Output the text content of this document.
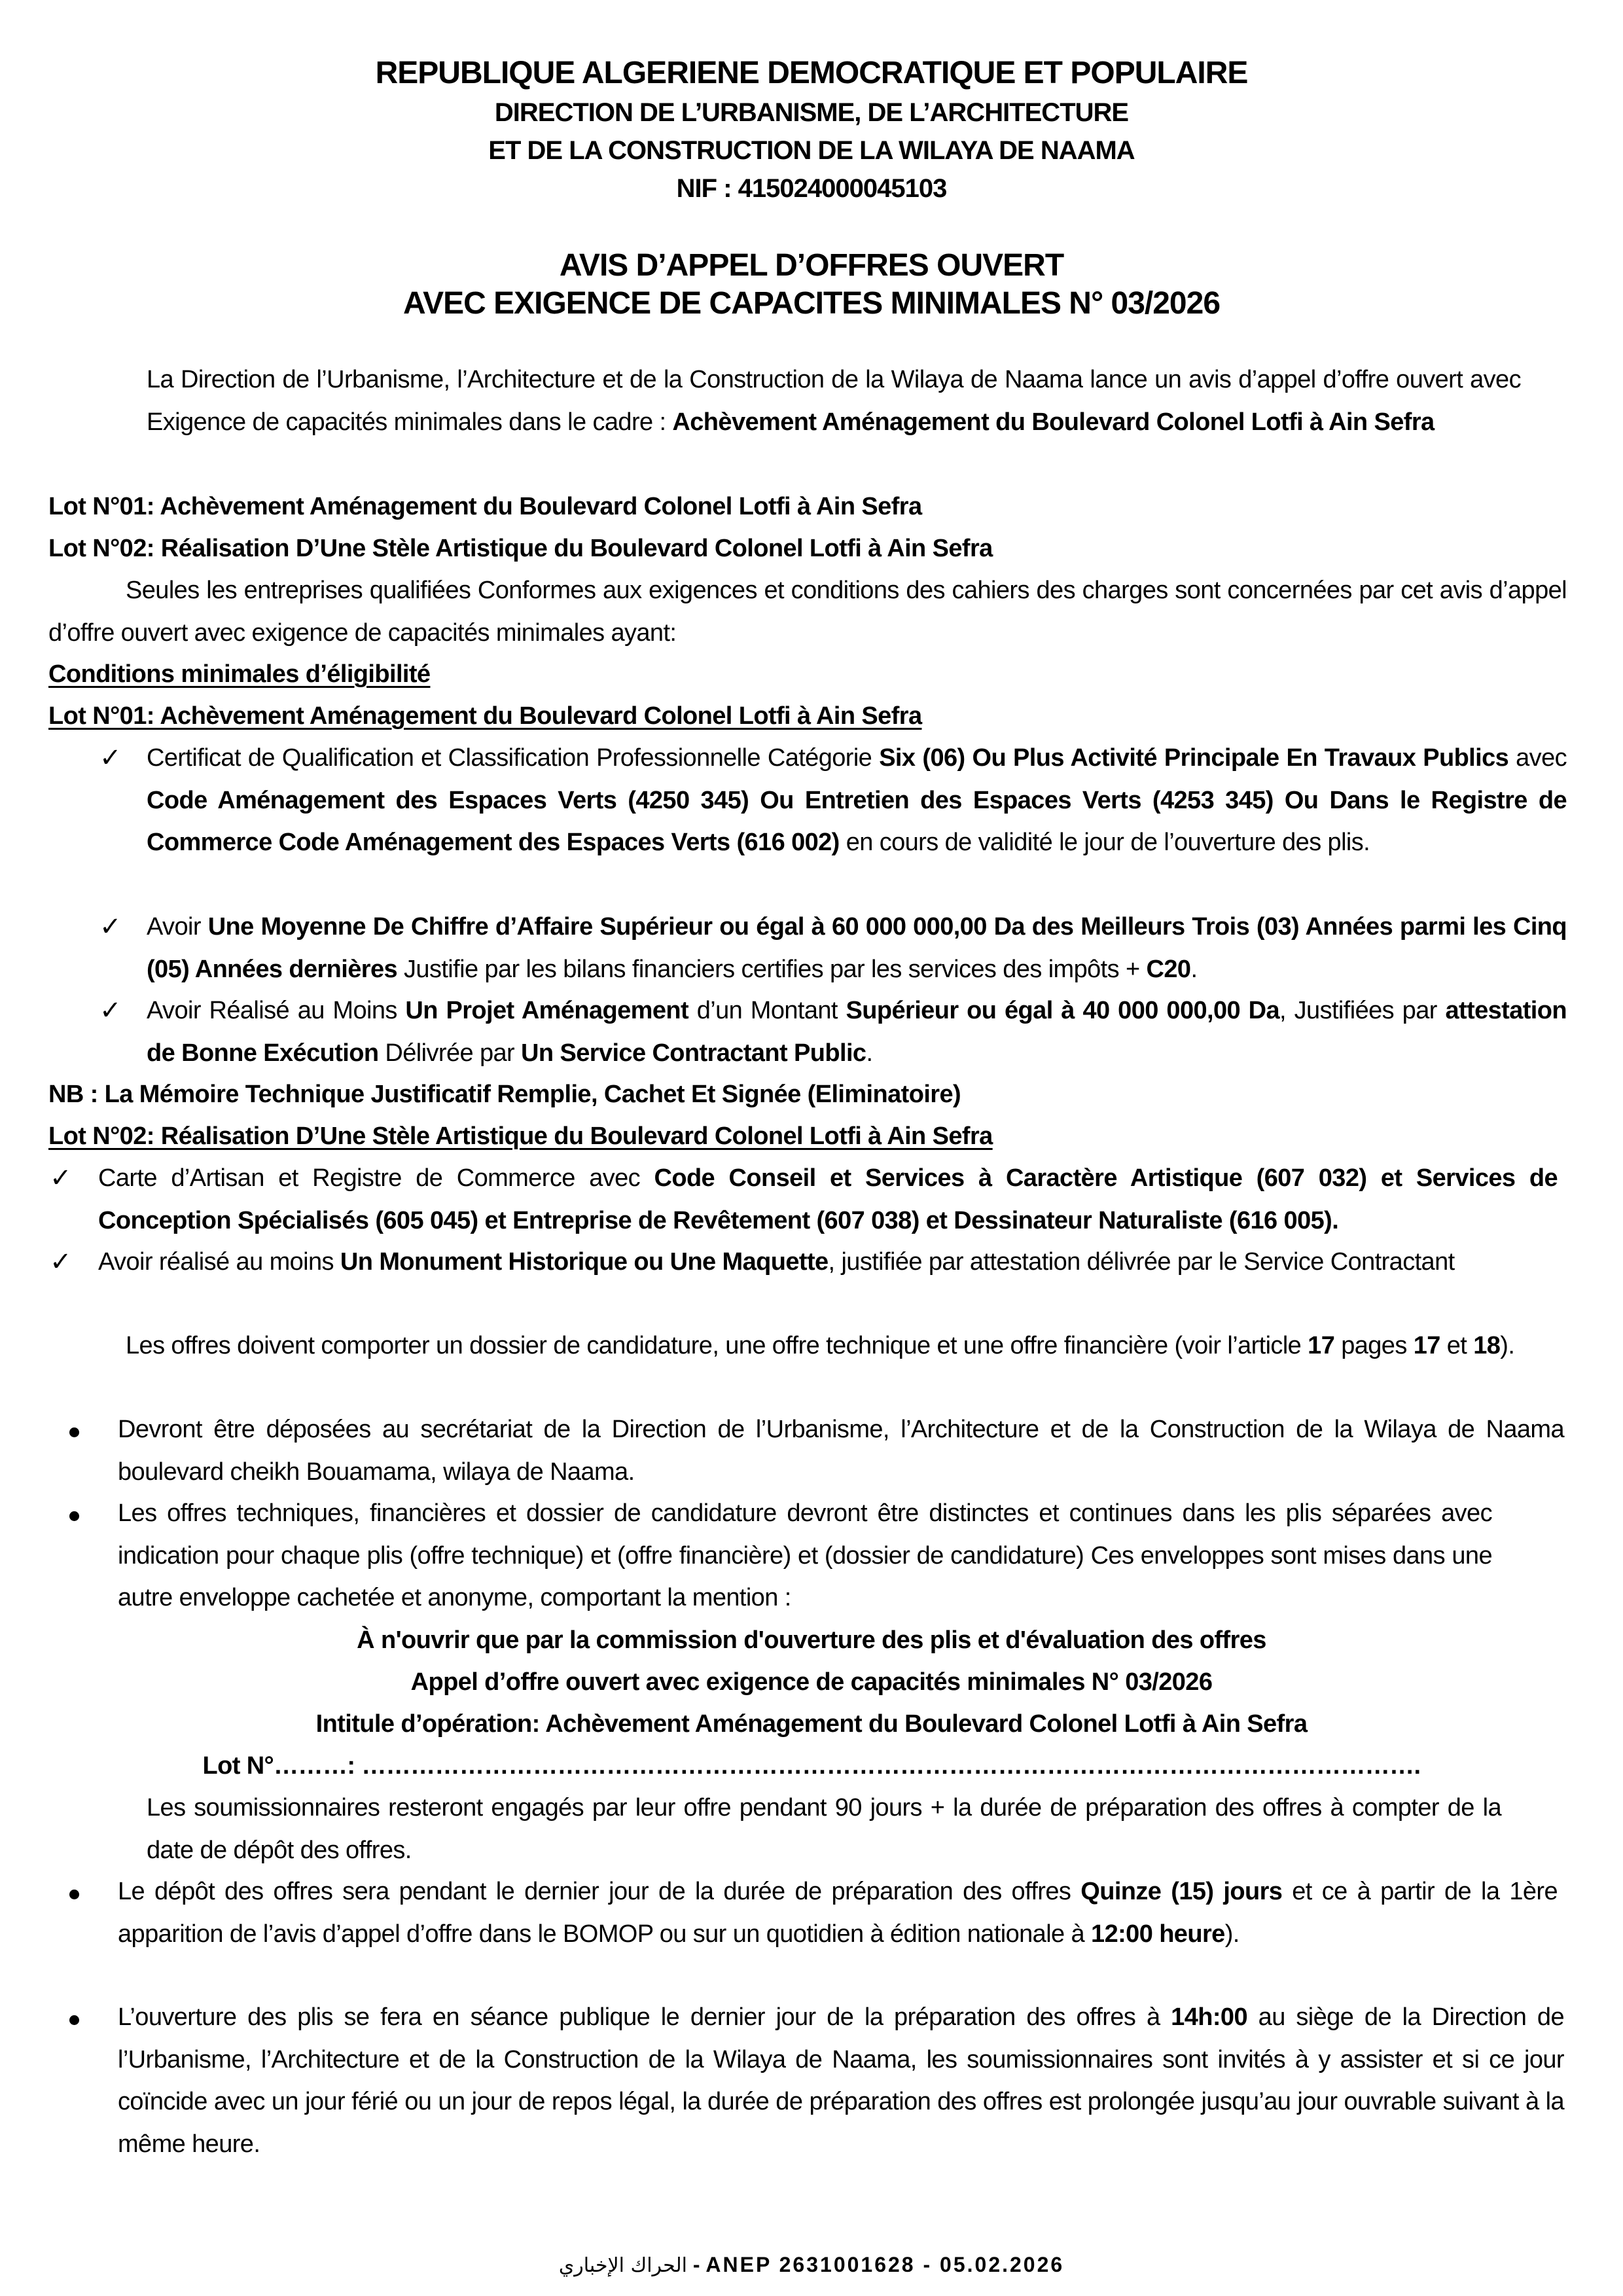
REPUBLIQUE ALGERIENE DEMOCRATIQUE ET POPULAIRE
DIRECTION DE L’URBANISME, DE L’ARCHITECTURE
ET DE LA CONSTRUCTION DE LA WILAYA DE NAAMA
NIF : 415024000045103
AVIS D’APPEL D’OFFRES OUVERT
AVEC EXIGENCE DE CAPACITES MINIMALES N° 03/2026
La Direction de l’Urbanisme, l’Architecture et de la Construction de la Wilaya de Naama lance un avis d’appel d’offre ouvert avec Exigence de capacités minimales dans le cadre : Achèvement Aménagement du Boulevard Colonel Lotfi à Ain Sefra
Lot N°01: Achèvement Aménagement du Boulevard Colonel Lotfi à Ain Sefra
Lot N°02: Réalisation D’Une Stèle Artistique du Boulevard Colonel Lotfi à Ain Sefra
Seules les entreprises qualifiées Conformes aux exigences et conditions des cahiers des charges sont concernées par cet avis d’appel d’offre ouvert avec exigence de capacités minimales ayant:
Conditions minimales d’éligibilité
Lot N°01: Achèvement Aménagement du Boulevard Colonel Lotfi à Ain Sefra
✓ Certificat de Qualification et Classification Professionnelle Catégorie Six (06) Ou Plus Activité Principale En Travaux Publics avec Code Aménagement des Espaces Verts (4250 345) Ou Entretien des Espaces Verts (4253 345) Ou Dans le Registre de Commerce Code Aménagement des Espaces Verts (616 002) en cours de validité le jour de l’ouverture des plis.
✓ Avoir Une Moyenne De Chiffre d’Affaire Supérieur ou égal à 60 000 000,00 Da des Meilleurs Trois (03) Années parmi les Cinq (05) Années dernières Justifie par les bilans financiers certifies par les services des impôts + C20.
✓ Avoir Réalisé au Moins Un Projet Aménagement d’un Montant Supérieur ou égal à 40 000 000,00 Da, Justifiées par attestation de Bonne Exécution Délivrée par Un Service Contractant Public.
NB : La Mémoire Technique Justificatif Remplie, Cachet Et Signée (Eliminatoire)
Lot N°02: Réalisation D’Une Stèle Artistique du Boulevard Colonel Lotfi à Ain Sefra
✓ Carte d’Artisan et Registre de Commerce avec Code Conseil et Services à Caractère Artistique (607 032) et Services de Conception Spécialisés (605 045) et Entreprise de Revêtement (607 038) et Dessinateur Naturaliste (616 005).
✓ Avoir réalisé au moins Un Monument Historique ou Une Maquette, justifiée par attestation délivrée par le Service Contractant
Les offres doivent comporter un dossier de candidature, une offre technique et une offre financière (voir l’article 17 pages 17 et 18).
Devront être déposées au secrétariat de la Direction de l’Urbanisme, l’Architecture et de la Construction de la Wilaya de Naama boulevard cheikh Bouamama, wilaya de Naama.
Les offres techniques, financières et dossier de candidature devront être distinctes et continues dans les plis séparées avec indication pour chaque plis (offre technique) et (offre financière) et (dossier de candidature) Ces enveloppes sont mises dans une autre enveloppe cachetée et anonyme, comportant la mention :
À n'ouvrir que par la commission d'ouverture des plis et d'évaluation des offres
Appel d’offre ouvert avec exigence de capacités minimales N° 03/2026
Intitule d’opération: Achèvement Aménagement du Boulevard Colonel Lotfi à Ain Sefra
Lot N°………: ………………………………………………………………………………………………………………….
Les soumissionnaires resteront engagés par leur offre pendant 90 jours + la durée de préparation des offres à compter de la date de dépôt des offres.
Le dépôt des offres sera pendant le dernier jour de la durée de préparation des offres Quinze (15) jours et ce à partir de la 1ère apparition de l’avis d’appel d’offre dans le BOMOP ou sur un quotidien à édition nationale à 12:00 heure).
L’ouverture des plis se fera en séance publique le dernier jour de la préparation des offres à 14h:00 au siège de la Direction de l’Urbanisme, l’Architecture et de la Construction de la Wilaya de Naama, les soumissionnaires sont invités à y assister et si ce jour coïncide avec un jour férié ou un jour de repos légal, la durée de préparation des offres est prolongée jusqu’au jour ouvrable suivant à la même heure.
الحراك الإخباري - ANEP 2631001628 - 05.02.2026
